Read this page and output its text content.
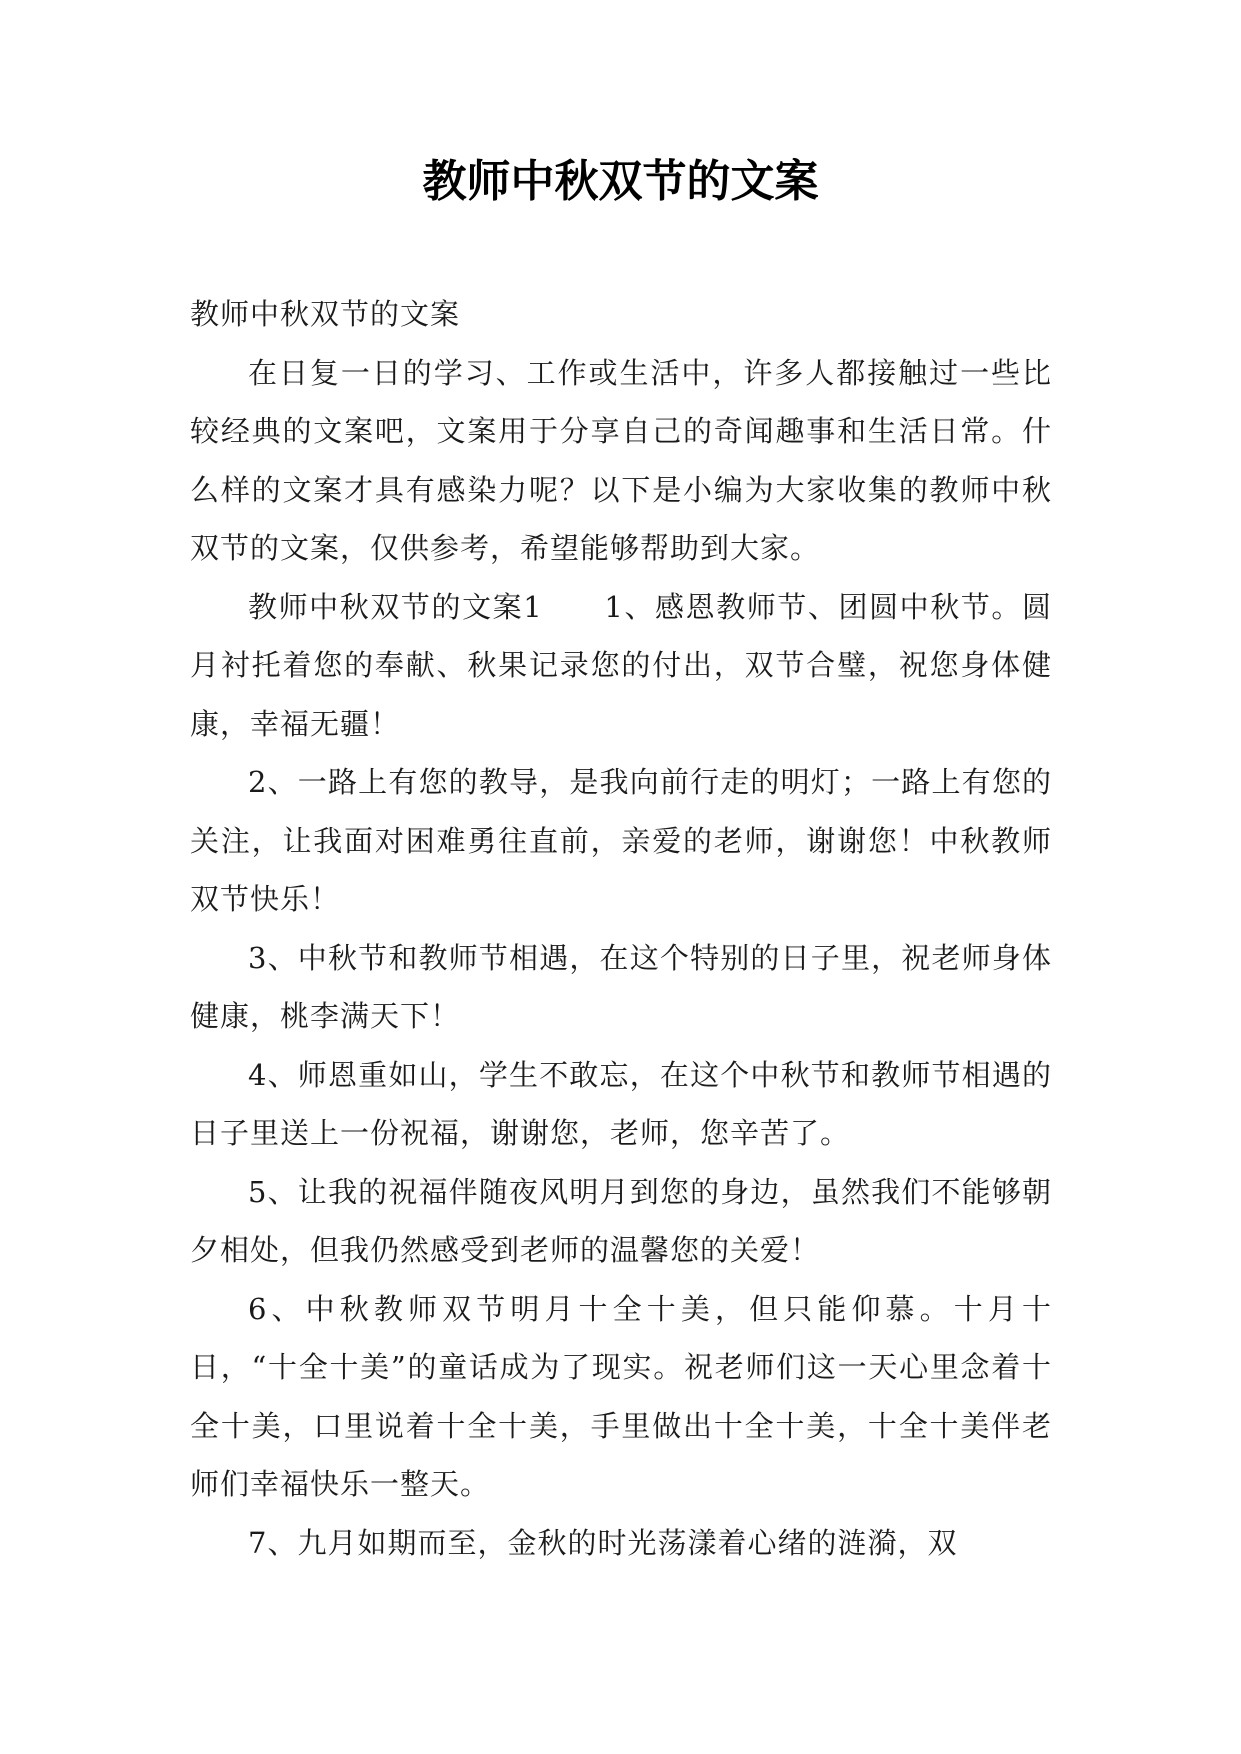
教师中秋双节的文案

教师中秋双节的文案

在日复一日的学习、工作或生活中，许多人都接触过一些比较经典的文案吧，文案用于分享自己的奇闻趣事和生活日常。什么样的文案才具有感染力呢？以下是小编为大家收集的教师中秋双节的文案，仅供参考，希望能够帮助到大家。

教师中秋双节的文案1　　1、感恩教师节、团圆中秋节。圆月衬托着您的奉献、秋果记录您的付出，双节合璧，祝您身体健康，幸福无疆！

2、一路上有您的教导，是我向前行走的明灯；一路上有您的关注，让我面对困难勇往直前，亲爱的老师，谢谢您！中秋教师双节快乐！

3、中秋节和教师节相遇，在这个特别的日子里，祝老师身体健康，桃李满天下！

4、师恩重如山，学生不敢忘，在这个中秋节和教师节相遇的日子里送上一份祝福，谢谢您，老师，您辛苦了。

5、让我的祝福伴随夜风明月到您的身边，虽然我们不能够朝夕相处，但我仍然感受到老师的温馨您的关爱！

6、中秋教师双节明月十全十美，但只能仰慕。十月十日，“十全十美”的童话成为了现实。祝老师们这一天心里念着十全十美，口里说着十全十美，手里做出十全十美，十全十美伴老师们幸福快乐一整天。

7、九月如期而至，金秋的时光荡漾着心绪的涟漪，双
